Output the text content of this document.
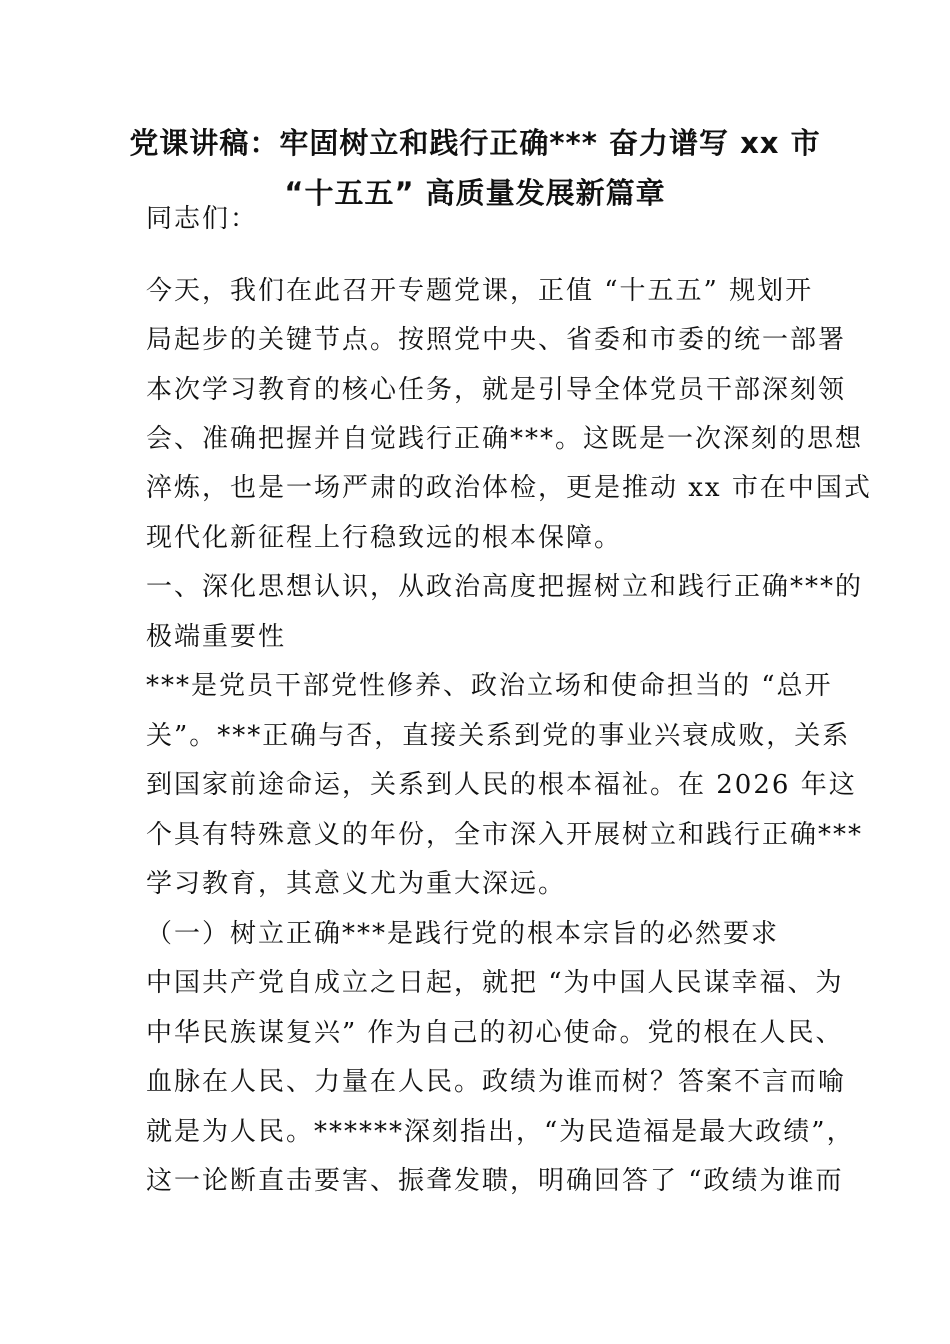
党课讲稿：牢固树立和践行正确*** 奋力谱写 xx 市
“十五五” 高质量发展新篇章
同志们：
今天，我们在此召开专题党课，正值 “十五五” 规划开
局起步的关键节点。按照党中央、省委和市委的统一部署
本次学习教育的核心任务，就是引导全体党员干部深刻领
会、准确把握并自觉践行正确***。这既是一次深刻的思想
淬炼，也是一场严肃的政治体检，更是推动 xx 市在中国式
现代化新征程上行稳致远的根本保障。
一、深化思想认识，从政治高度把握树立和践行正确***的
极端重要性
***是党员干部党性修养、政治立场和使命担当的 “总开
关”。***正确与否，直接关系到党的事业兴衰成败，关系
到国家前途命运，关系到人民的根本福祉。在 2026 年这
个具有特殊意义的年份，全市深入开展树立和践行正确***
学习教育，其意义尤为重大深远。
（一）树立正确***是践行党的根本宗旨的必然要求
中国共产党自成立之日起，就把 “为中国人民谋幸福、为
中华民族谋复兴” 作为自己的初心使命。党的根在人民、
血脉在人民、力量在人民。政绩为谁而树？答案不言而喻
就是为人民。******深刻指出，“为民造福是最大政绩”，
这一论断直击要害、振聋发聩，明确回答了 “政绩为谁而
